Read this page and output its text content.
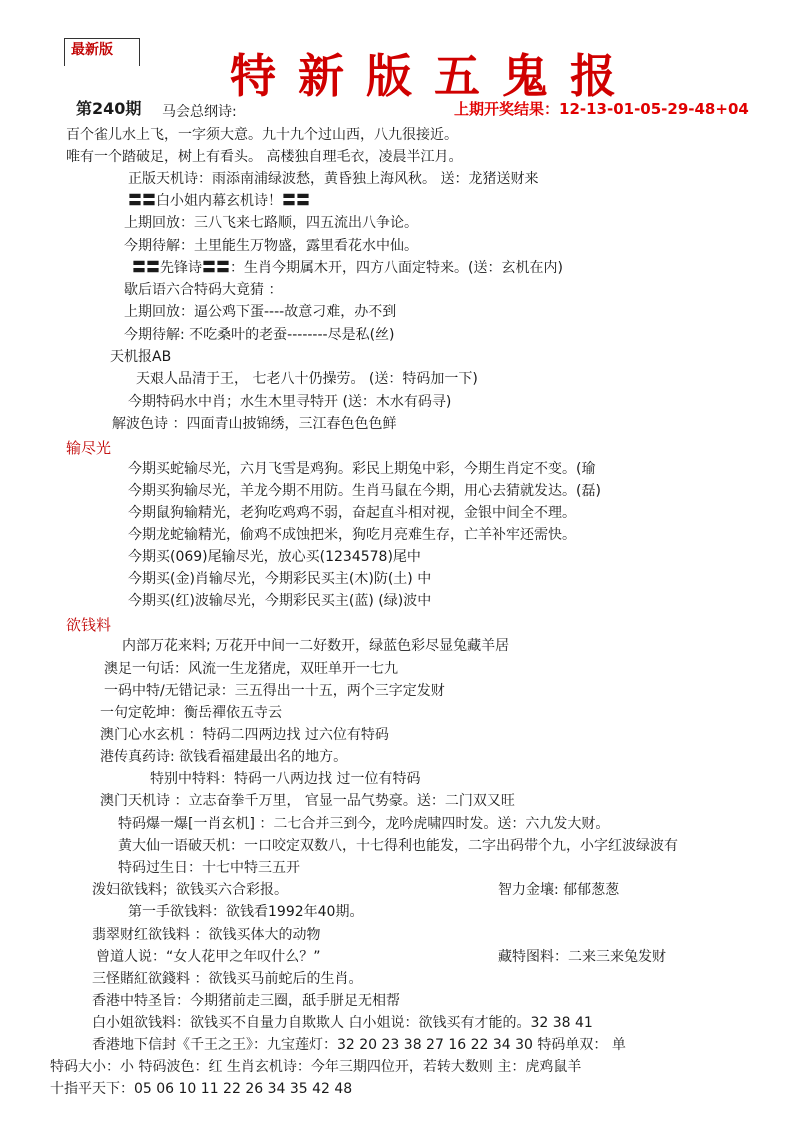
最新版	特新版五鬼报
第240期	上期开奖结果：12-13-01-05-29-48+04
马会总纲诗:
百个雀儿水上飞，一字须大意。九十九个过山西，八九很接近。
唯有一个踏破足，树上有看头。 高楼独自理毛衣，凌晨半江月。
正版天机诗：雨添南浦绿波愁，黄昏独上海风秋。 送：龙猪送财来
〓〓白小姐内幕玄机诗！〓〓
上期回放：三八飞来七路顺，四五流出八争论。
今期待解：土里能生万物盛，露里看花水中仙。
〓〓先锋诗〓〓：生肖今期属木开，四方八面定特来。(送：玄机在内)
歇后语六合特码大竟猜 ：
上期回放：逼公鸡下蛋----故意刁难，办不到
今期待解: 不吃桑叶的老蚕--------尽是私(丝)
天机报AB
天艰人品清于王， 七老八十仍操劳。 (送：特码加一下)
今期特码水中肖；水生木里寻特开 (送：木水有码寻)
解波色诗 ：四面青山披锦绣，三江春色色色鲜
今期买蛇输尽光，六月飞雪是鸡狗。彩民上期兔中彩，今期生肖定不变。(瑜
今期买狗输尽光，羊龙今期不用防。生肖马鼠在今期，用心去猜就发达。(磊)
今期鼠狗输精光，老狗吃鸡鸡不弱，奋起直斗相对视，金银中间全不理。
今期龙蛇输精光，偷鸡不成蚀把米，狗吃月亮难生存，亡羊补牢还需快。
今期买(069)尾输尽光，放心买(1234578)尾中
今期买(金)肖输尽光，今期彩民买主(木)防(土) 中
今期买(红)波输尽光，今期彩民买主(蓝) (绿)波中
内部万花来料; 万花开中间一二好数开，绿蓝色彩尽显兔藏羊居
澳足一句话：风流一生龙猪虎，双旺单开一七九
一码中特/无错记录：三五得出一十五，两个三字定发财
一句定乾坤：衡岳禪依五寺云
澳门心水玄机 ：特码二四两边找 过六位有特码
港传真药诗: 欲钱看福建最出名的地方。
特别中特料：特码一八两边找 过一位有特码
澳门天机诗 ：立志奋拳千万里， 官显一品气势豪。送：二门双又旺
特码爆一爆[一肖玄机] ：二七合并三到今，龙吟虎啸四时发。送：六九发大财。
黄大仙一语破天机：一口咬定双数八，十七得利也能发，二字出码带个九，小字红波绿波有
特码过生日：十七中特三五开
泼妇欲钱料；欲钱买六合彩报。	智力金壤: 郁郁葱葱
第一手欲钱料：欲钱看1992年40期。
翡翠财红欲钱料 ：欲钱买体大的动物
曾道人说：“女人花甲之年叹什么？”	藏特图料：二来三来兔发财
三怪賭紅欲錢料 ：欲钱买马前蛇后的生肖。
香港中特圣旨：今期猪前走三圈，舐手胼足无相帮
白小姐欲钱料：欲钱买不自量力自欺欺人 白小姐说：欲钱买有才能的。32 38 41
香港地下信封《千王之王》：九宝莲灯：32 20 23 38 27 16 22 34 30 特码单双： 单
特码大小：小 特码波色：红 生肖玄机诗：今年三期四位开，若转大数则 主：虎鸡鼠羊
十指平天下：05 06 10 11 22 26 34 35 42 48
输尽光
欲钱料
